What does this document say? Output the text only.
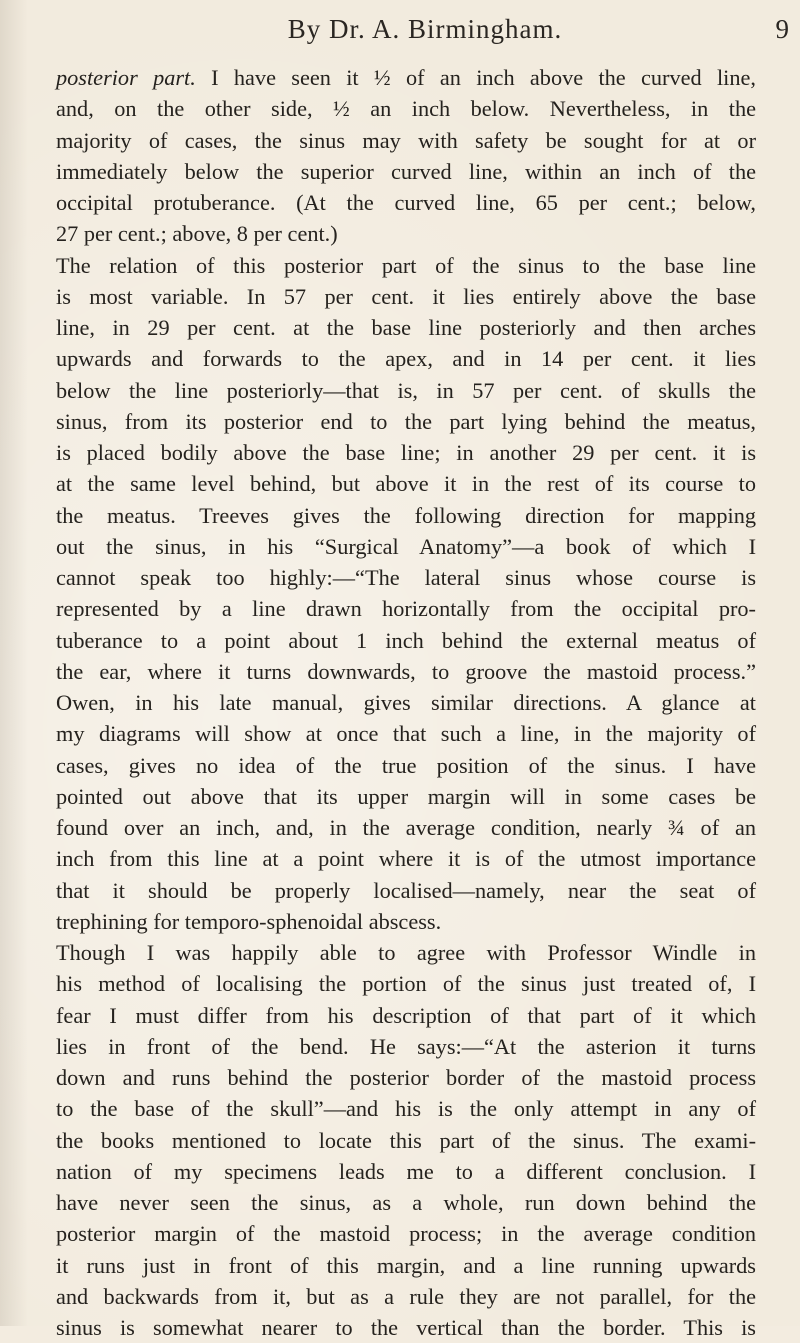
By Dr. A. Birmingham.	9
posterior part. I have seen it ½ of an inch above the curved line,
and, on the other side, ½ an inch below. Nevertheless, in the
majority of cases, the sinus may with safety be sought for at or
immediately below the superior curved line, within an inch of the
occipital protuberance. (At the curved line, 65 per cent.; below,
27 per cent.; above, 8 per cent.)
The relation of this posterior part of the sinus to the base line
is most variable. In 57 per cent. it lies entirely above the base
line, in 29 per cent. at the base line posteriorly and then arches
upwards and forwards to the apex, and in 14 per cent. it lies
below the line posteriorly—that is, in 57 per cent. of skulls the
sinus, from its posterior end to the part lying behind the meatus,
is placed bodily above the base line; in another 29 per cent. it is
at the same level behind, but above it in the rest of its course to
the meatus. Treeves gives the following direction for mapping
out the sinus, in his “Surgical Anatomy”—a book of which I
cannot speak too highly:—“The lateral sinus whose course is
represented by a line drawn horizontally from the occipital pro-
tuberance to a point about 1 inch behind the external meatus of
the ear, where it turns downwards, to groove the mastoid process.”
Owen, in his late manual, gives similar directions. A glance at
my diagrams will show at once that such a line, in the majority of
cases, gives no idea of the true position of the sinus. I have
pointed out above that its upper margin will in some cases be
found over an inch, and, in the average condition, nearly ¾ of an
inch from this line at a point where it is of the utmost importance
that it should be properly localised—namely, near the seat of
trephining for temporo-sphenoidal abscess.
Though I was happily able to agree with Professor Windle in
his method of localising the portion of the sinus just treated of, I
fear I must differ from his description of that part of it which
lies in front of the bend. He says:—“At the asterion it turns
down and runs behind the posterior border of the mastoid process
to the base of the skull”—and his is the only attempt in any of
the books mentioned to locate this part of the sinus. The exami-
nation of my specimens leads me to a different conclusion. I
have never seen the sinus, as a whole, run down behind the
posterior margin of the mastoid process; in the average condition
it runs just in front of this margin, and a line running upwards
and backwards from it, but as a rule they are not parallel, for the
sinus is somewhat nearer to the vertical than the border. This is
